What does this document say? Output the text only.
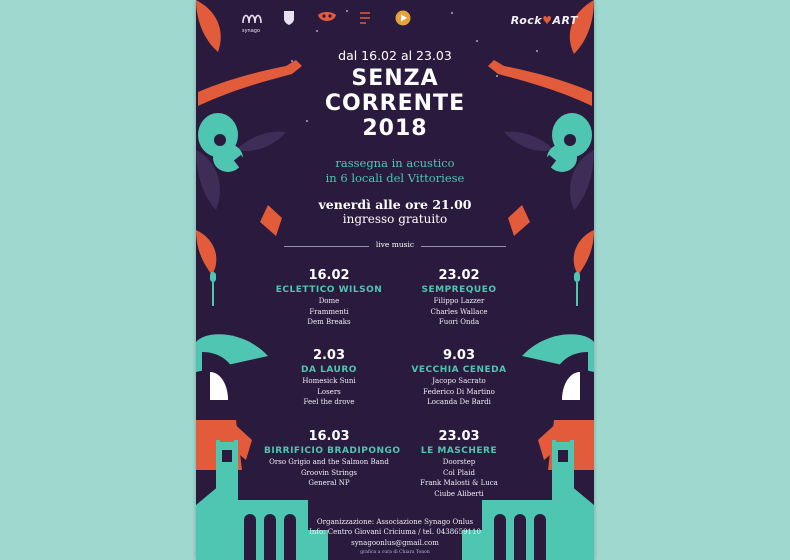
synago
Rock♥ART
dal 16.02 al 23.03
SENZA
CORRENTE
2018
rassegna in acustico
in 6 locali del Vittoriese
venerdì alle ore 21.00
ingresso gratuito
live music
16.02
ECLETTICO WILSON
Dome
Frammenti
Dem Breaks
23.02
SEMPREQUEO
Filippo Lazzer
Charles Wallace
Fuori Onda
2.03
DA LAURO
Homesick Suni
Losers
Feel the drove
9.03
VECCHIA CENEDA
Jacopo Sacrato
Federico Di Martino
Locanda De Bardi
16.03
BIRRIFICIO BRADIPONGO
Orso Grigio and the Salmon Band
Groovin Strings
General NP
23.03
LE MASCHERE
Doorstep
Col Plaid
Frank Malosti & Luca
Ciube Aliberti
Organizzazione: Associazione Synago Onlus
Info: Centro Giovani Criciuma / tel. 0438659110
synagoonlus@gmail.com
grafica a cura di Chiara Tonon
